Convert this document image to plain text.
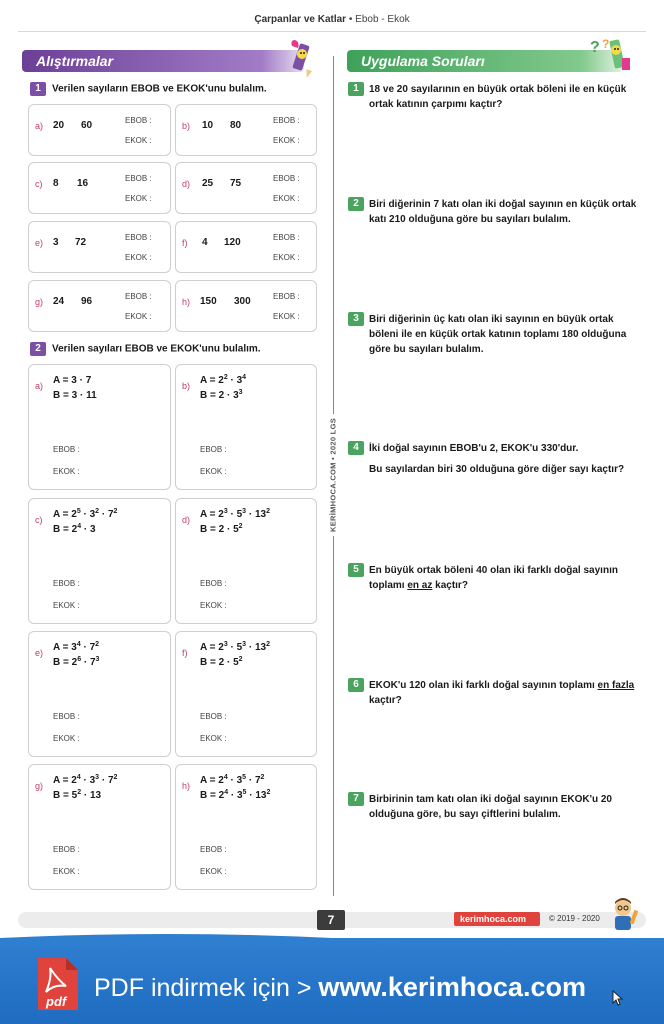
Çarpanlar ve Katlar • Ebob - Ekok
Alıştırmalar	Uygulama Soruları
? ?
1 Verilen sayıların EBOB ve EKOK'unu bulalım.
a) 20 60	EBOB :
EKOK :
b) 10 80	EBOB :
EKOK :
c) 8 16	EBOB :
EKOK :
d) 25 75	EBOB :
EKOK :
e) 3 72	EBOB :
EKOK :
f) 4 120	EBOB :
EKOK :
g) 24 96	EBOB :
EKOK :
h) 150 300	EBOB :
EKOK :
2 Verilen sayıları EBOB ve EKOK'unu bulalım.
a) A = 3 · 7
B = 3 · 11
EBOB :
EKOK :
b) $A = 2^2 \cdot 3^4$
$B = 2 \cdot 3^3$
EBOB :
EKOK :
c) $A = 2^5 \cdot 3^2 \cdot 7^2$
$B = 2^4 \cdot 3$
EBOB :
EKOK :
d) $A = 2^3 \cdot 5^3 \cdot 13^2$
$B = 2 \cdot 5^2$
EBOB :
EKOK :
e) $A = 3^4 \cdot 7^2$
$B = 2^6 \cdot 7^3$
EBOB :
EKOK :
f) $A = 2^3 \cdot 5^3 \cdot 13^2$
$B = 2 \cdot 5^2$
EBOB :
EKOK :
g) $A = 2^4 \cdot 3^3 \cdot 7^2$
$B = 5^2 \cdot 13$
EBOB :
EKOK :
h) $A = 2^4 \cdot 3^5 \cdot 7^2$
$B = 2^4 \cdot 3^5 \cdot 13^2$
EBOB :
EKOK :
KERİMHOCA.COM • 2020 LGS
1	18 ve 20 sayılarının en büyük ortak böleni ile en küçük ortak katının çarpımı kaçtır?
2	Biri diğerinin 7 katı olan iki doğal sayının en küçük ortak katı 210 olduğuna göre bu sayıları bulalım.
3	Biri diğerinin üç katı olan iki sayının en büyük ortak böleni ile en küçük ortak katının toplamı 180 olduğuna göre bu sayıları bulalım.
4	İki doğal sayının EBOB'u 2, EKOK'u 330'dur.
Bu sayılardan biri 30 olduğuna göre diğer sayı kaçtır?
5	En büyük ortak böleni 40 olan iki farklı doğal sayının toplamı en az kaçtır?
6	EKOK'u 120 olan iki farklı doğal sayının toplamı en fazla kaçtır?
7	Birbirinin tam katı olan iki doğal sayının EKOK'u 20 olduğuna göre, bu sayı çiftlerini bulalım.
7	kerimhoca.com	© 2019 - 2020
pdf PDF indirmek için > www.kerimhoca.com
